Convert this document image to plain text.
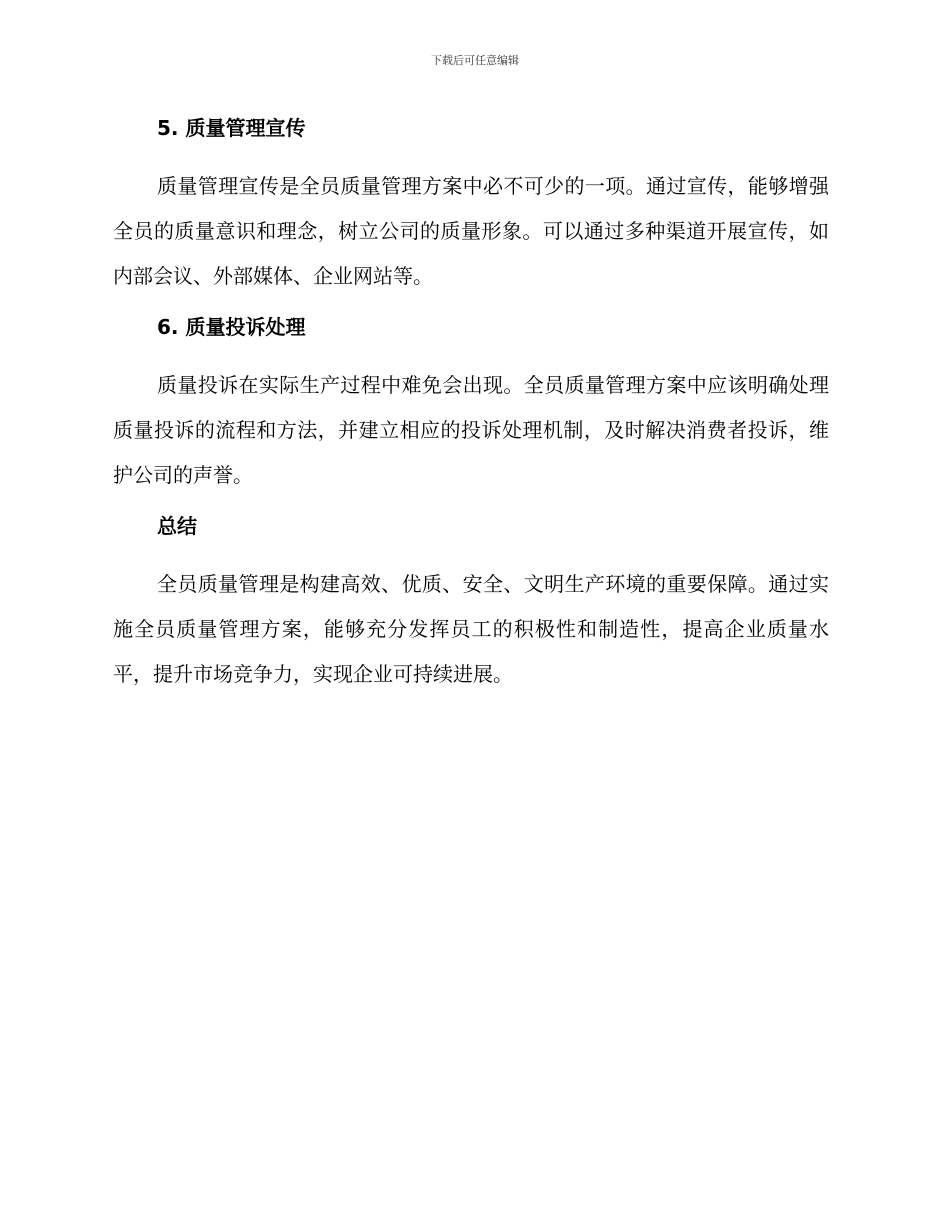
下载后可任意编辑
5. 质量管理宣传

质量管理宣传是全员质量管理方案中必不可少的一项。通过宣传，能够增强全员的质量意识和理念，树立公司的质量形象。可以通过多种渠道开展宣传，如内部会议、外部媒体、企业网站等。

6. 质量投诉处理

质量投诉在实际生产过程中难免会出现。全员质量管理方案中应该明确处理质量投诉的流程和方法，并建立相应的投诉处理机制，及时解决消费者投诉，维护公司的声誉。

总结

全员质量管理是构建高效、优质、安全、文明生产环境的重要保障。通过实施全员质量管理方案，能够充分发挥员工的积极性和制造性，提高企业质量水平，提升市场竞争力，实现企业可持续进展。
